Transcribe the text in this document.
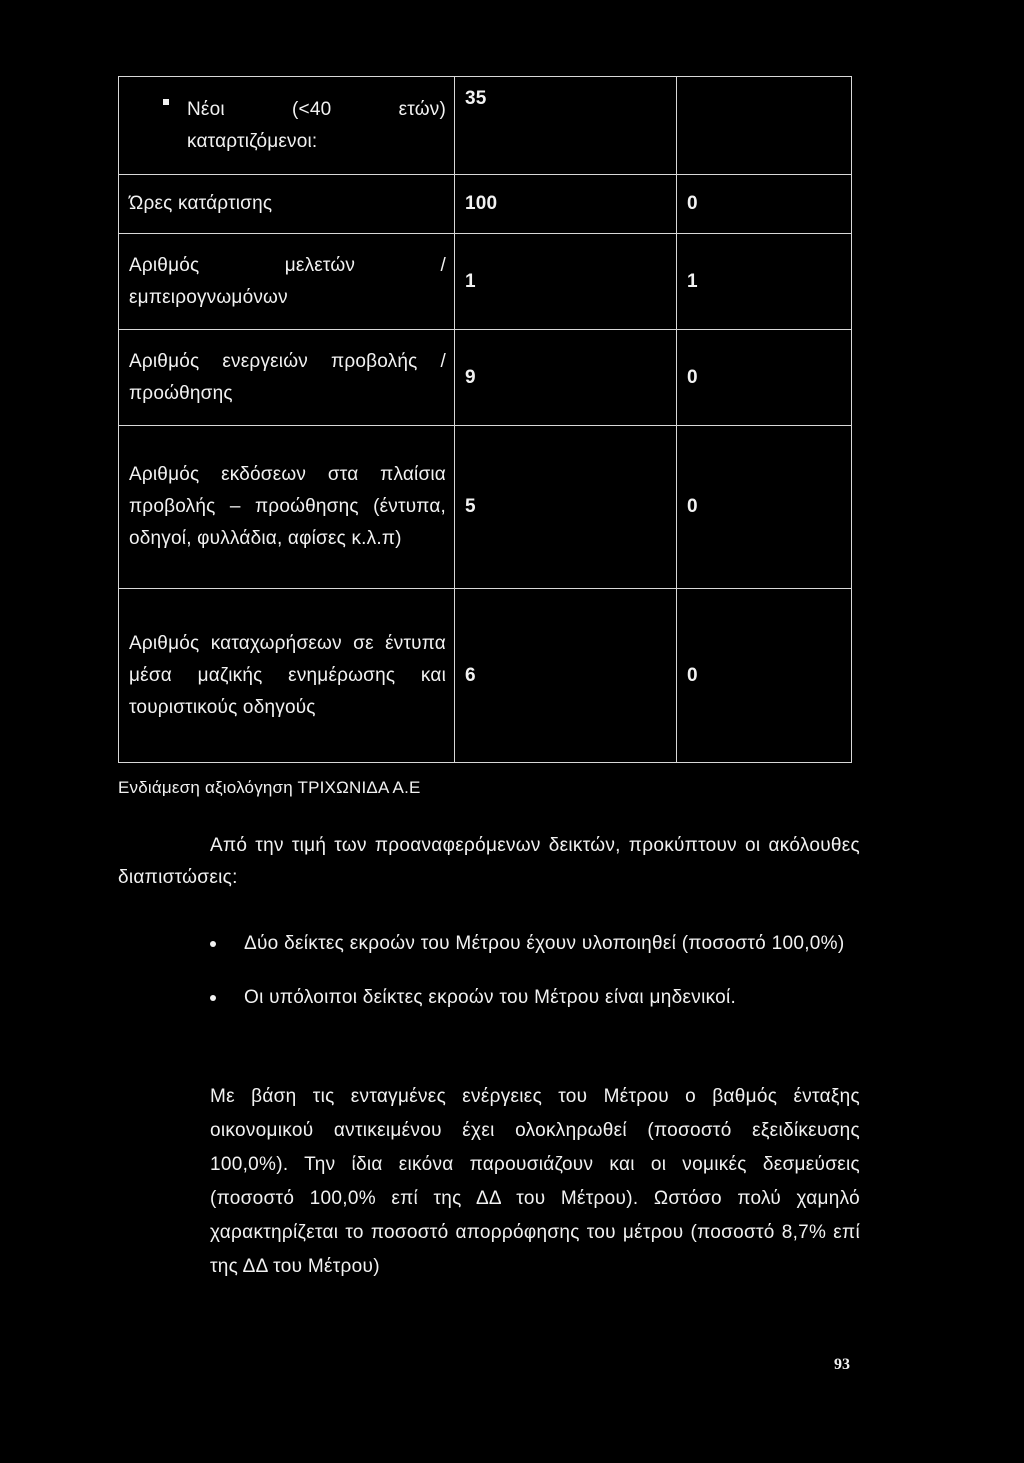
Νέοι (<40 ετών) καταρτιζόμενοι:	35	
Ώρες κατάρτισης	100	0
Αριθμός μελετών / εμπειρογνωμόνων	1	1
Αριθμός ενεργειών προβολής / προώθησης	9	0
Αριθμός εκδόσεων στα πλαίσια προβολής – προώθησης (έντυπα, οδηγοί, φυλλάδια, αφίσες κ.λ.π)	5	0
Αριθμός καταχωρήσεων σε έντυπα μέσα μαζικής ενημέρωσης και τουριστικούς οδηγούς	6	0
Ενδιάμεση αξιολόγηση ΤΡΙΧΩΝΙΔΑ Α.Ε
Από την τιμή των προαναφερόμενων δεικτών, προκύπτουν οι ακόλουθες διαπιστώσεις:
Δύο δείκτες εκροών του Μέτρου έχουν υλοποιηθεί (ποσοστό 100,0%)
Οι υπόλοιποι δείκτες εκροών του Μέτρου είναι μηδενικοί.
Με βάση τις ενταγμένες ενέργειες του Μέτρου ο βαθμός ένταξης οικονομικού αντικειμένου έχει ολοκληρωθεί (ποσοστό εξειδίκευσης 100,0%). Την ίδια εικόνα παρουσιάζουν και οι νομικές δεσμεύσεις (ποσοστό 100,0% επί της ΔΔ του Μέτρου). Ωστόσο πολύ χαμηλό χαρακτηρίζεται το ποσοστό απορρόφησης του μέτρου (ποσοστό 8,7% επί της ΔΔ του Μέτρου)
93
